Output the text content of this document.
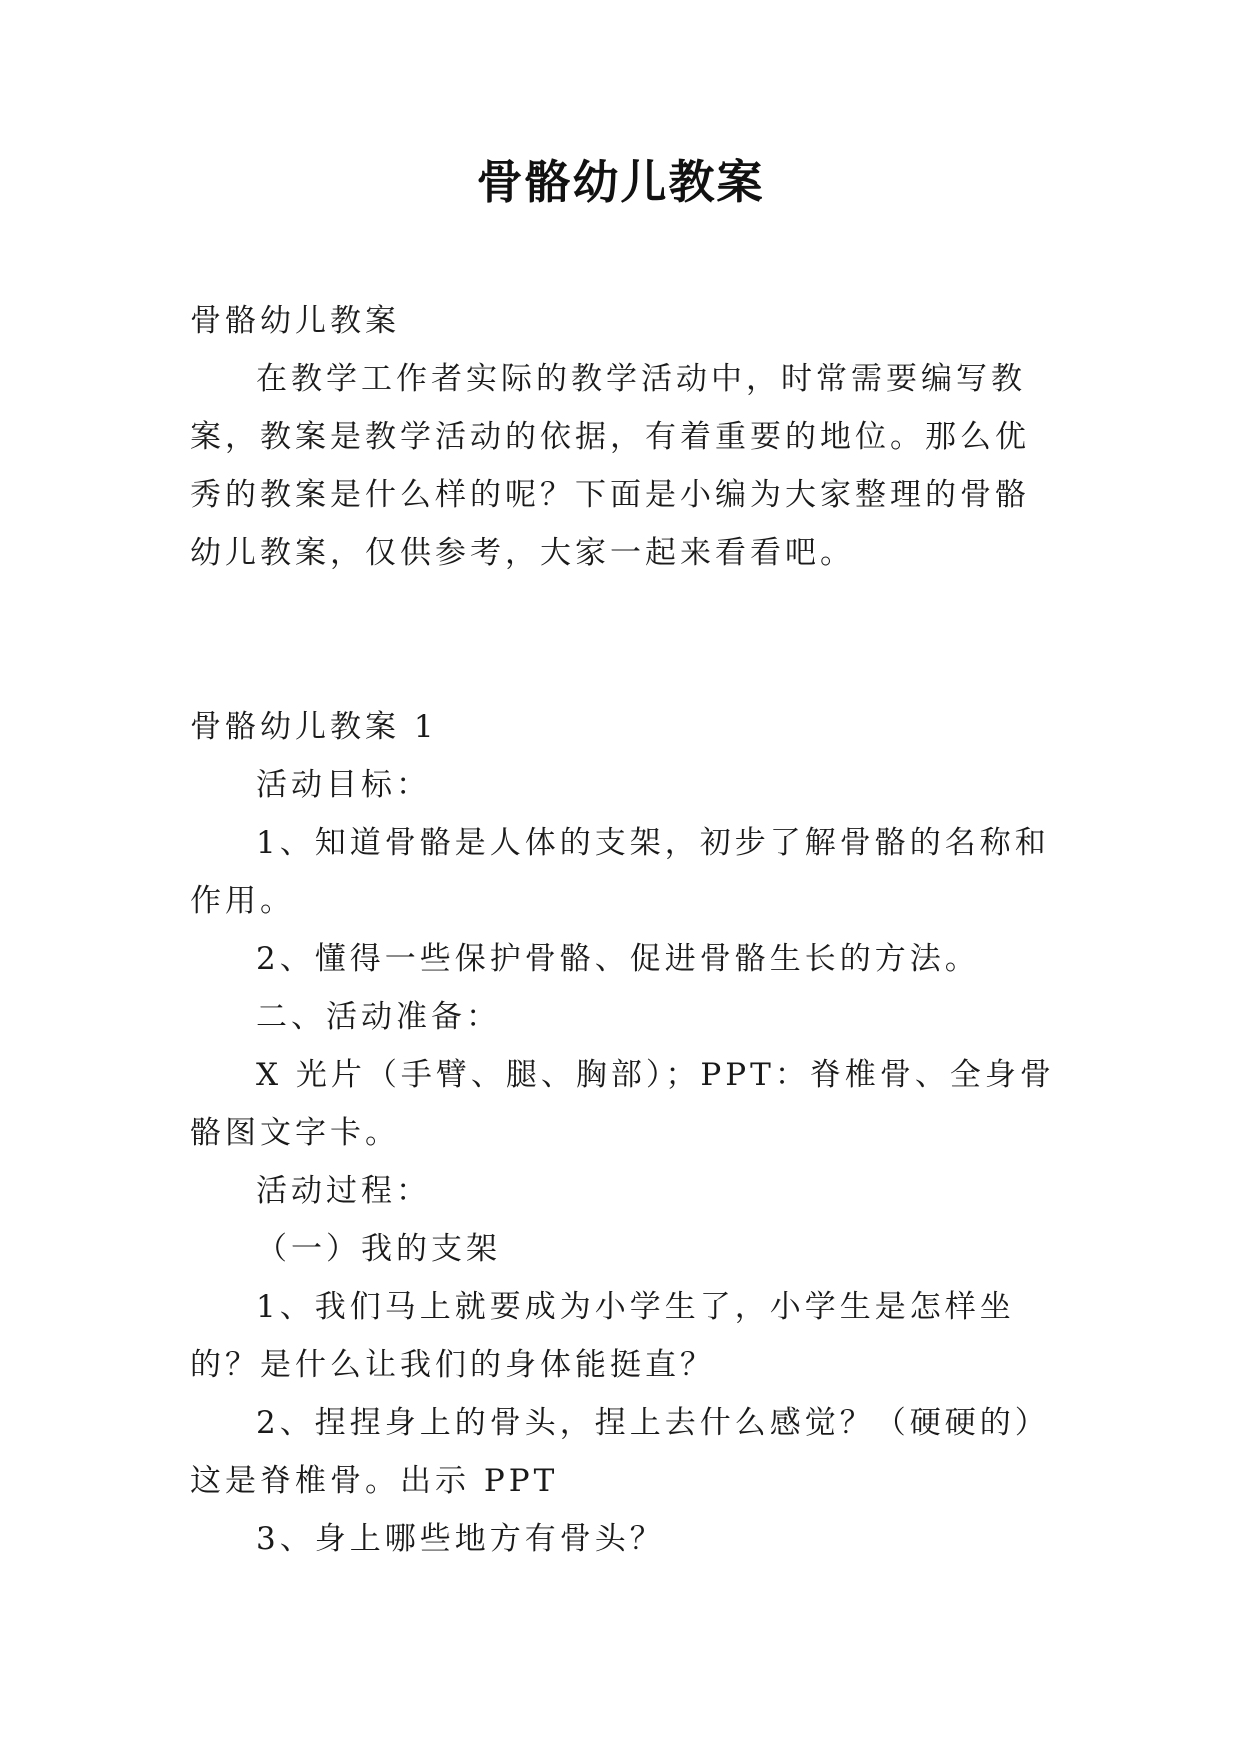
骨骼幼儿教案

骨骼幼儿教案

在教学工作者实际的教学活动中，时常需要编写教案，教案是教学活动的依据，有着重要的地位。那么优秀的教案是什么样的呢？下面是小编为大家整理的骨骼幼儿教案，仅供参考，大家一起来看看吧。

骨骼幼儿教案 1

活动目标：

1、知道骨骼是人体的支架，初步了解骨骼的名称和作用。

2、懂得一些保护骨骼、促进骨骼生长的方法。

二、活动准备：

X 光片（手臂、腿、胸部）；PPT：脊椎骨、全身骨骼图文字卡。

活动过程：

（一）我的支架

1、我们马上就要成为小学生了，小学生是怎样坐的？是什么让我们的身体能挺直？

2、捏捏身上的骨头，捏上去什么感觉？（硬硬的）这是脊椎骨。出示 PPT

3、身上哪些地方有骨头？
